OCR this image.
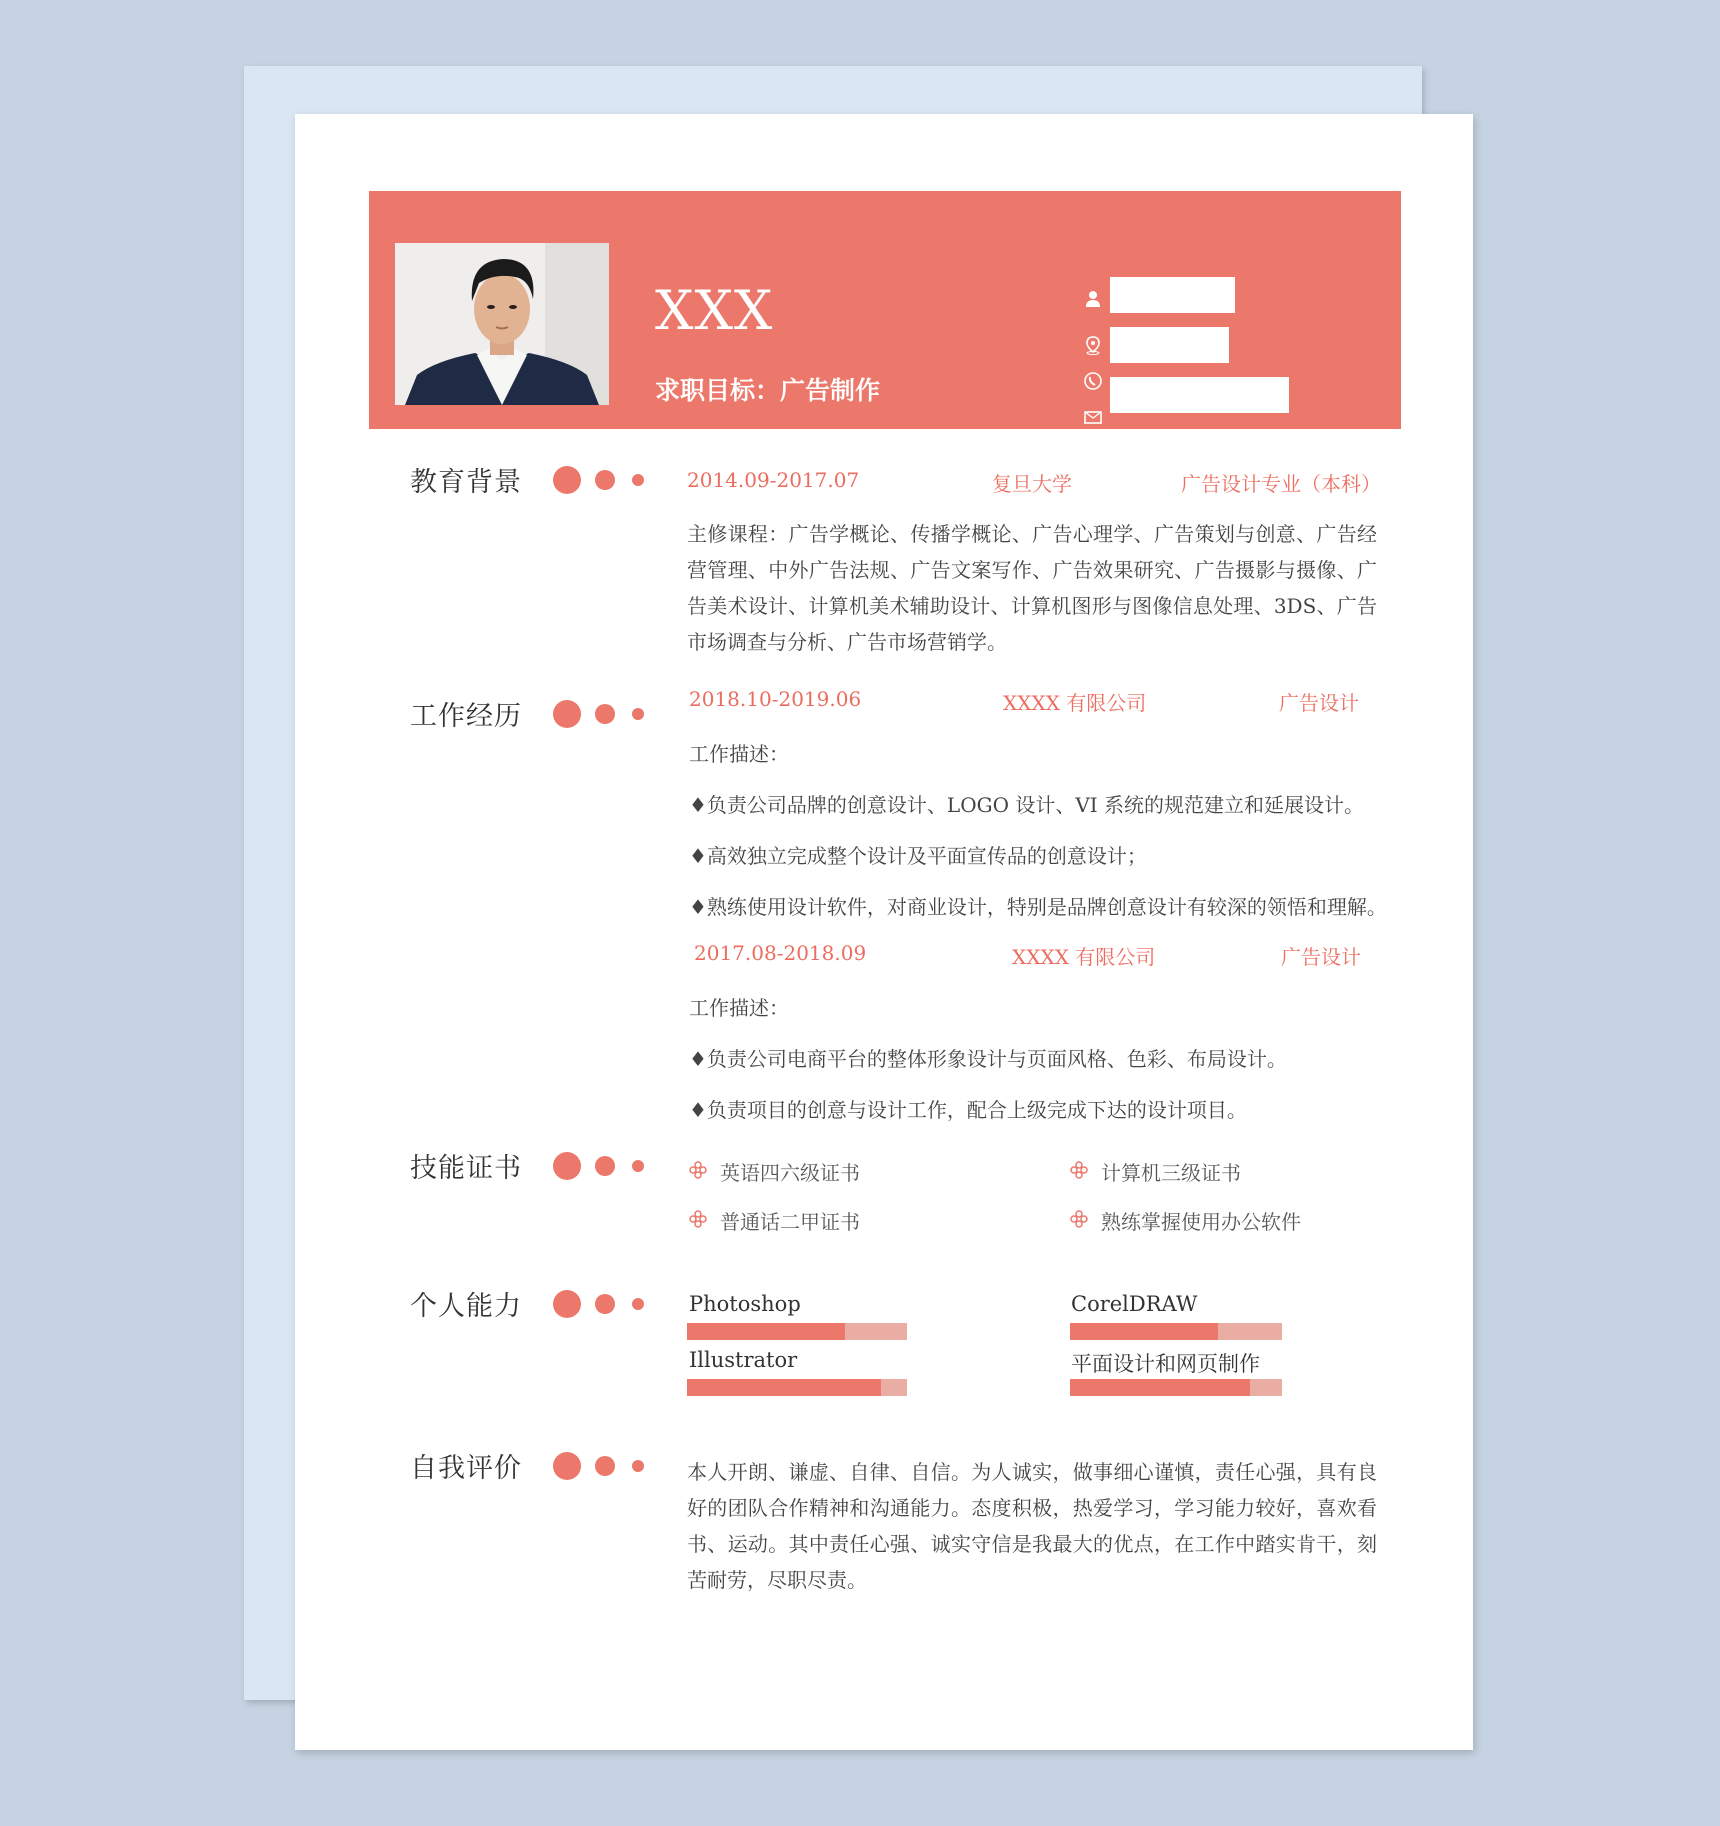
XXX
求职目标：广告制作
教育背景	2014.09-2017.07	复旦大学	广告设计专业（本科）
主修课程：广告学概论、传播学概论、广告心理学、广告策划与创意、广告经营管理、中外广告法规、广告文案写作、广告效果研究、广告摄影与摄像、广告美术设计、计算机美术辅助设计、计算机图形与图像信息处理、3DS、广告市场调查与分析、广告市场营销学。
工作经历
2018.10-2019.06	XXXX 有限公司	广告设计
工作描述：
♦负责公司品牌的创意设计、LOGO 设计、VI 系统的规范建立和延展设计。
♦高效独立完成整个设计及平面宣传品的创意设计；
♦熟练使用设计软件，对商业设计，特别是品牌创意设计有较深的领悟和理解。
2017.08-2018.09	XXXX 有限公司	广告设计
工作描述：
♦负责公司电商平台的整体形象设计与页面风格、色彩、布局设计。
♦负责项目的创意与设计工作，配合上级完成下达的设计项目。
技能证书	英语四六级证书	计算机三级证书
普通话二甲证书	熟练掌握使用办公软件
个人能力	Photoshop	CorelDRAW
Illustrator	平面设计和网页制作
自我评价	本人开朗、谦虚、自律、自信。为人诚实，做事细心谨慎，责任心强，具有良好的团队合作精神和沟通能力。态度积极，热爱学习，学习能力较好，喜欢看书、运动。其中责任心强、诚实守信是我最大的优点，在工作中踏实肯干，刻苦耐劳，尽职尽责。
